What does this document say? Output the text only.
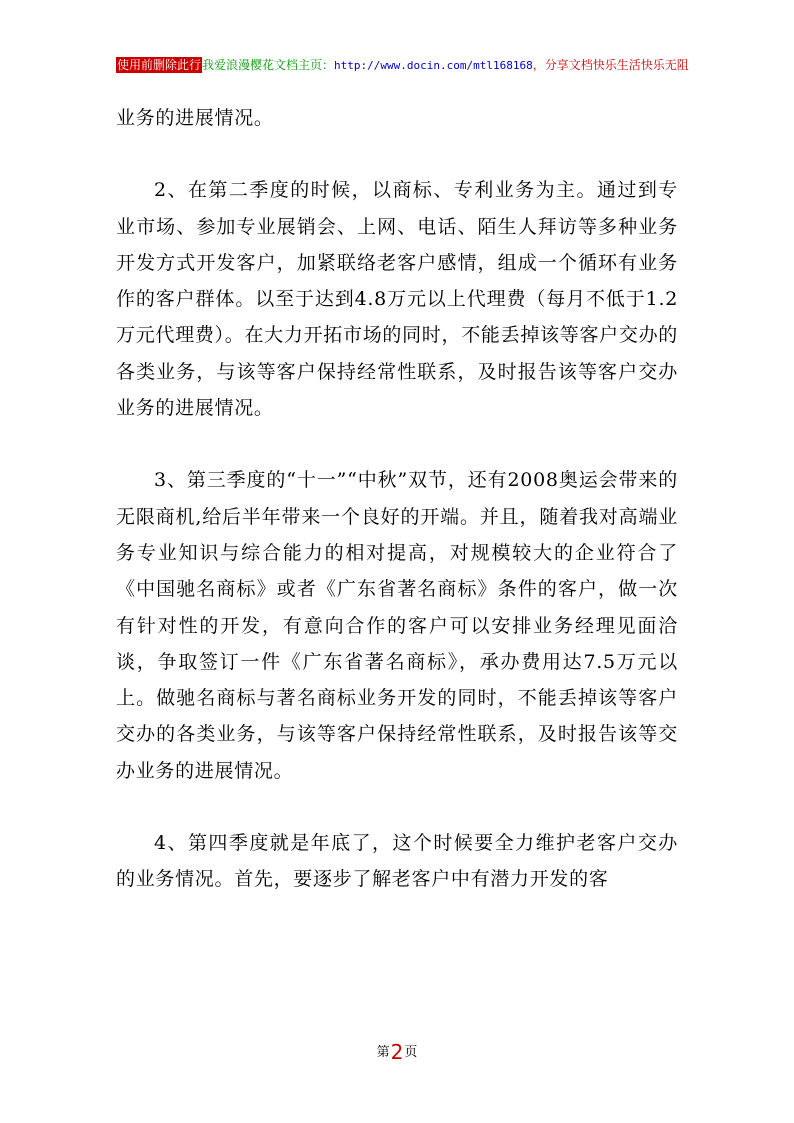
使用前删除此行我爱浪漫樱花文档主页：http://www.docin.com/mtl168168，分享文档快乐生活快乐无阻

业务的进展情况。

2、在第二季度的时候，以商标、专利业务为主。通过到专业市场、参加专业展销会、上网、电话、陌生人拜访等多种业务开发方式开发客户，加紧联络老客户感情，组成一个循环有业务作的客户群体。以至于达到4.8万元以上代理费（每月不低于1.2万元代理费）。在大力开拓市场的同时，不能丢掉该等客户交办的各类业务，与该等客户保持经常性联系，及时报告该等客户交办业务的进展情况。

3、第三季度的“十一”“中秋”双节，还有2008奥运会带来的无限商机,给后半年带来一个良好的开端。并且，随着我对高端业务专业知识与综合能力的相对提高，对规模较大的企业符合了《中国驰名商标》或者《广东省著名商标》条件的客户，做一次有针对性的开发，有意向合作的客户可以安排业务经理见面洽谈，争取签订一件《广东省著名商标》，承办费用达7.5万元以上。做驰名商标与著名商标业务开发的同时，不能丢掉该等客户交办的各类业务，与该等客户保持经常性联系，及时报告该等交办业务的进展情况。

4、第四季度就是年底了，这个时候要全力维护老客户交办的业务情况。首先，要逐步了解老客户中有潜力开发的客

第2页
